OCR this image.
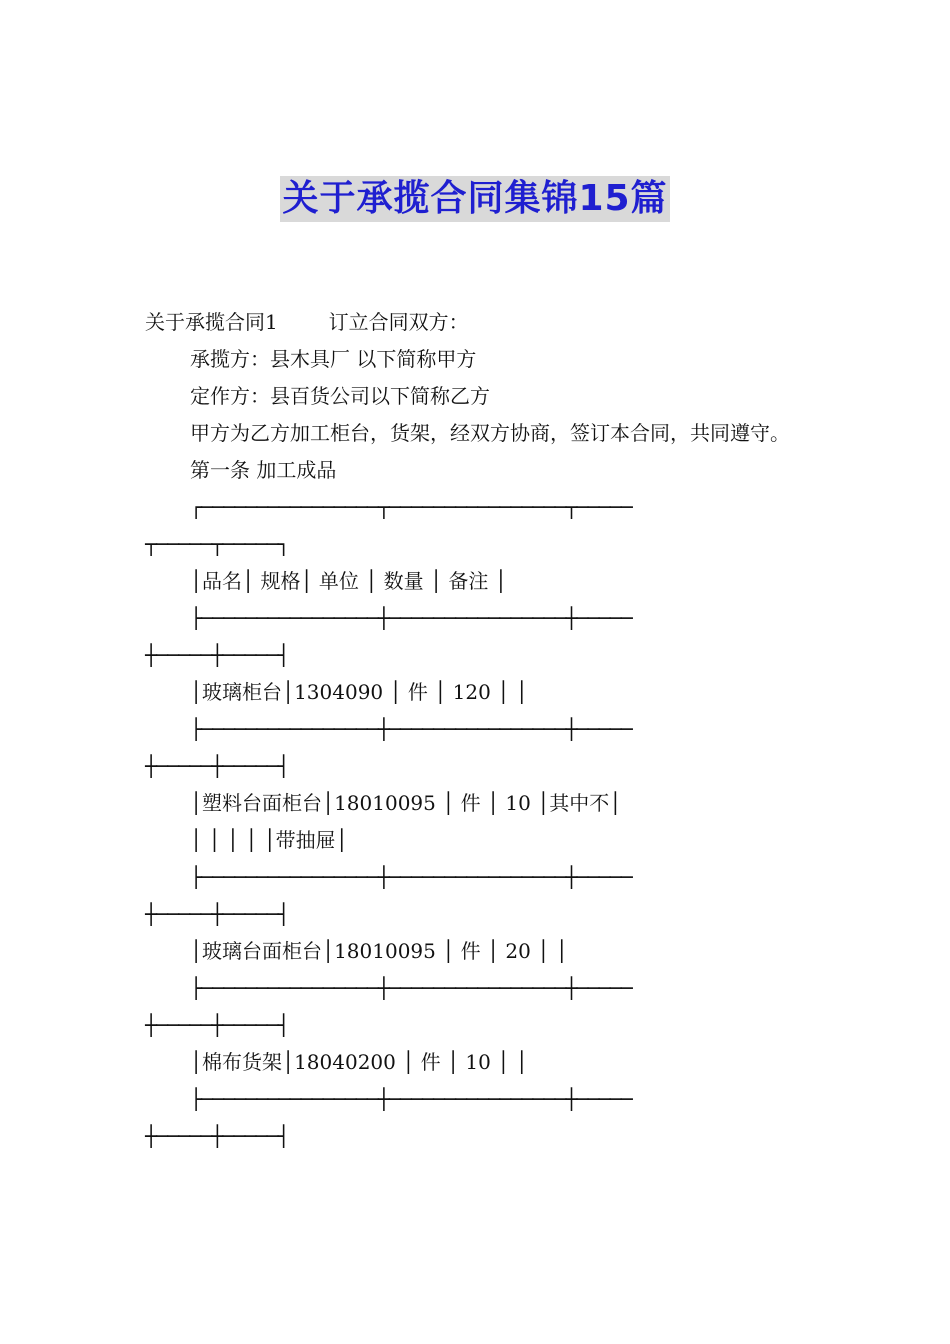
关于承揽合同集锦15篇
关于承揽合同1	订立合同双方：
承揽方：县木具厂 以下简称甲方
定作方：县百货公司以下简称乙方
甲方为乙方加工柜台，货架，经双方协商，签订本合同，共同遵守。
第一条 加工成品
┌────────────────┬────────────────┬─────
┬─────┬─────┐
│品名│ 规格│ 单位 │ 数量 │ 备注 │
├────────────────┼────────────────┼─────
┼─────┼─────┤
│玻璃柜台│1304090 │ 件 │ 120 │ │
├────────────────┼────────────────┼─────
┼─────┼─────┤
│塑料台面柜台│18010095 │ 件 │ 10 │其中不│
│ │ │ │ │带抽屉│
├────────────────┼────────────────┼─────
┼─────┼─────┤
│玻璃台面柜台│18010095 │ 件 │ 20 │ │
├────────────────┼────────────────┼─────
┼─────┼─────┤
│棉布货架│18040200 │ 件 │ 10 │ │
├────────────────┼────────────────┼─────
┼─────┼─────┤
